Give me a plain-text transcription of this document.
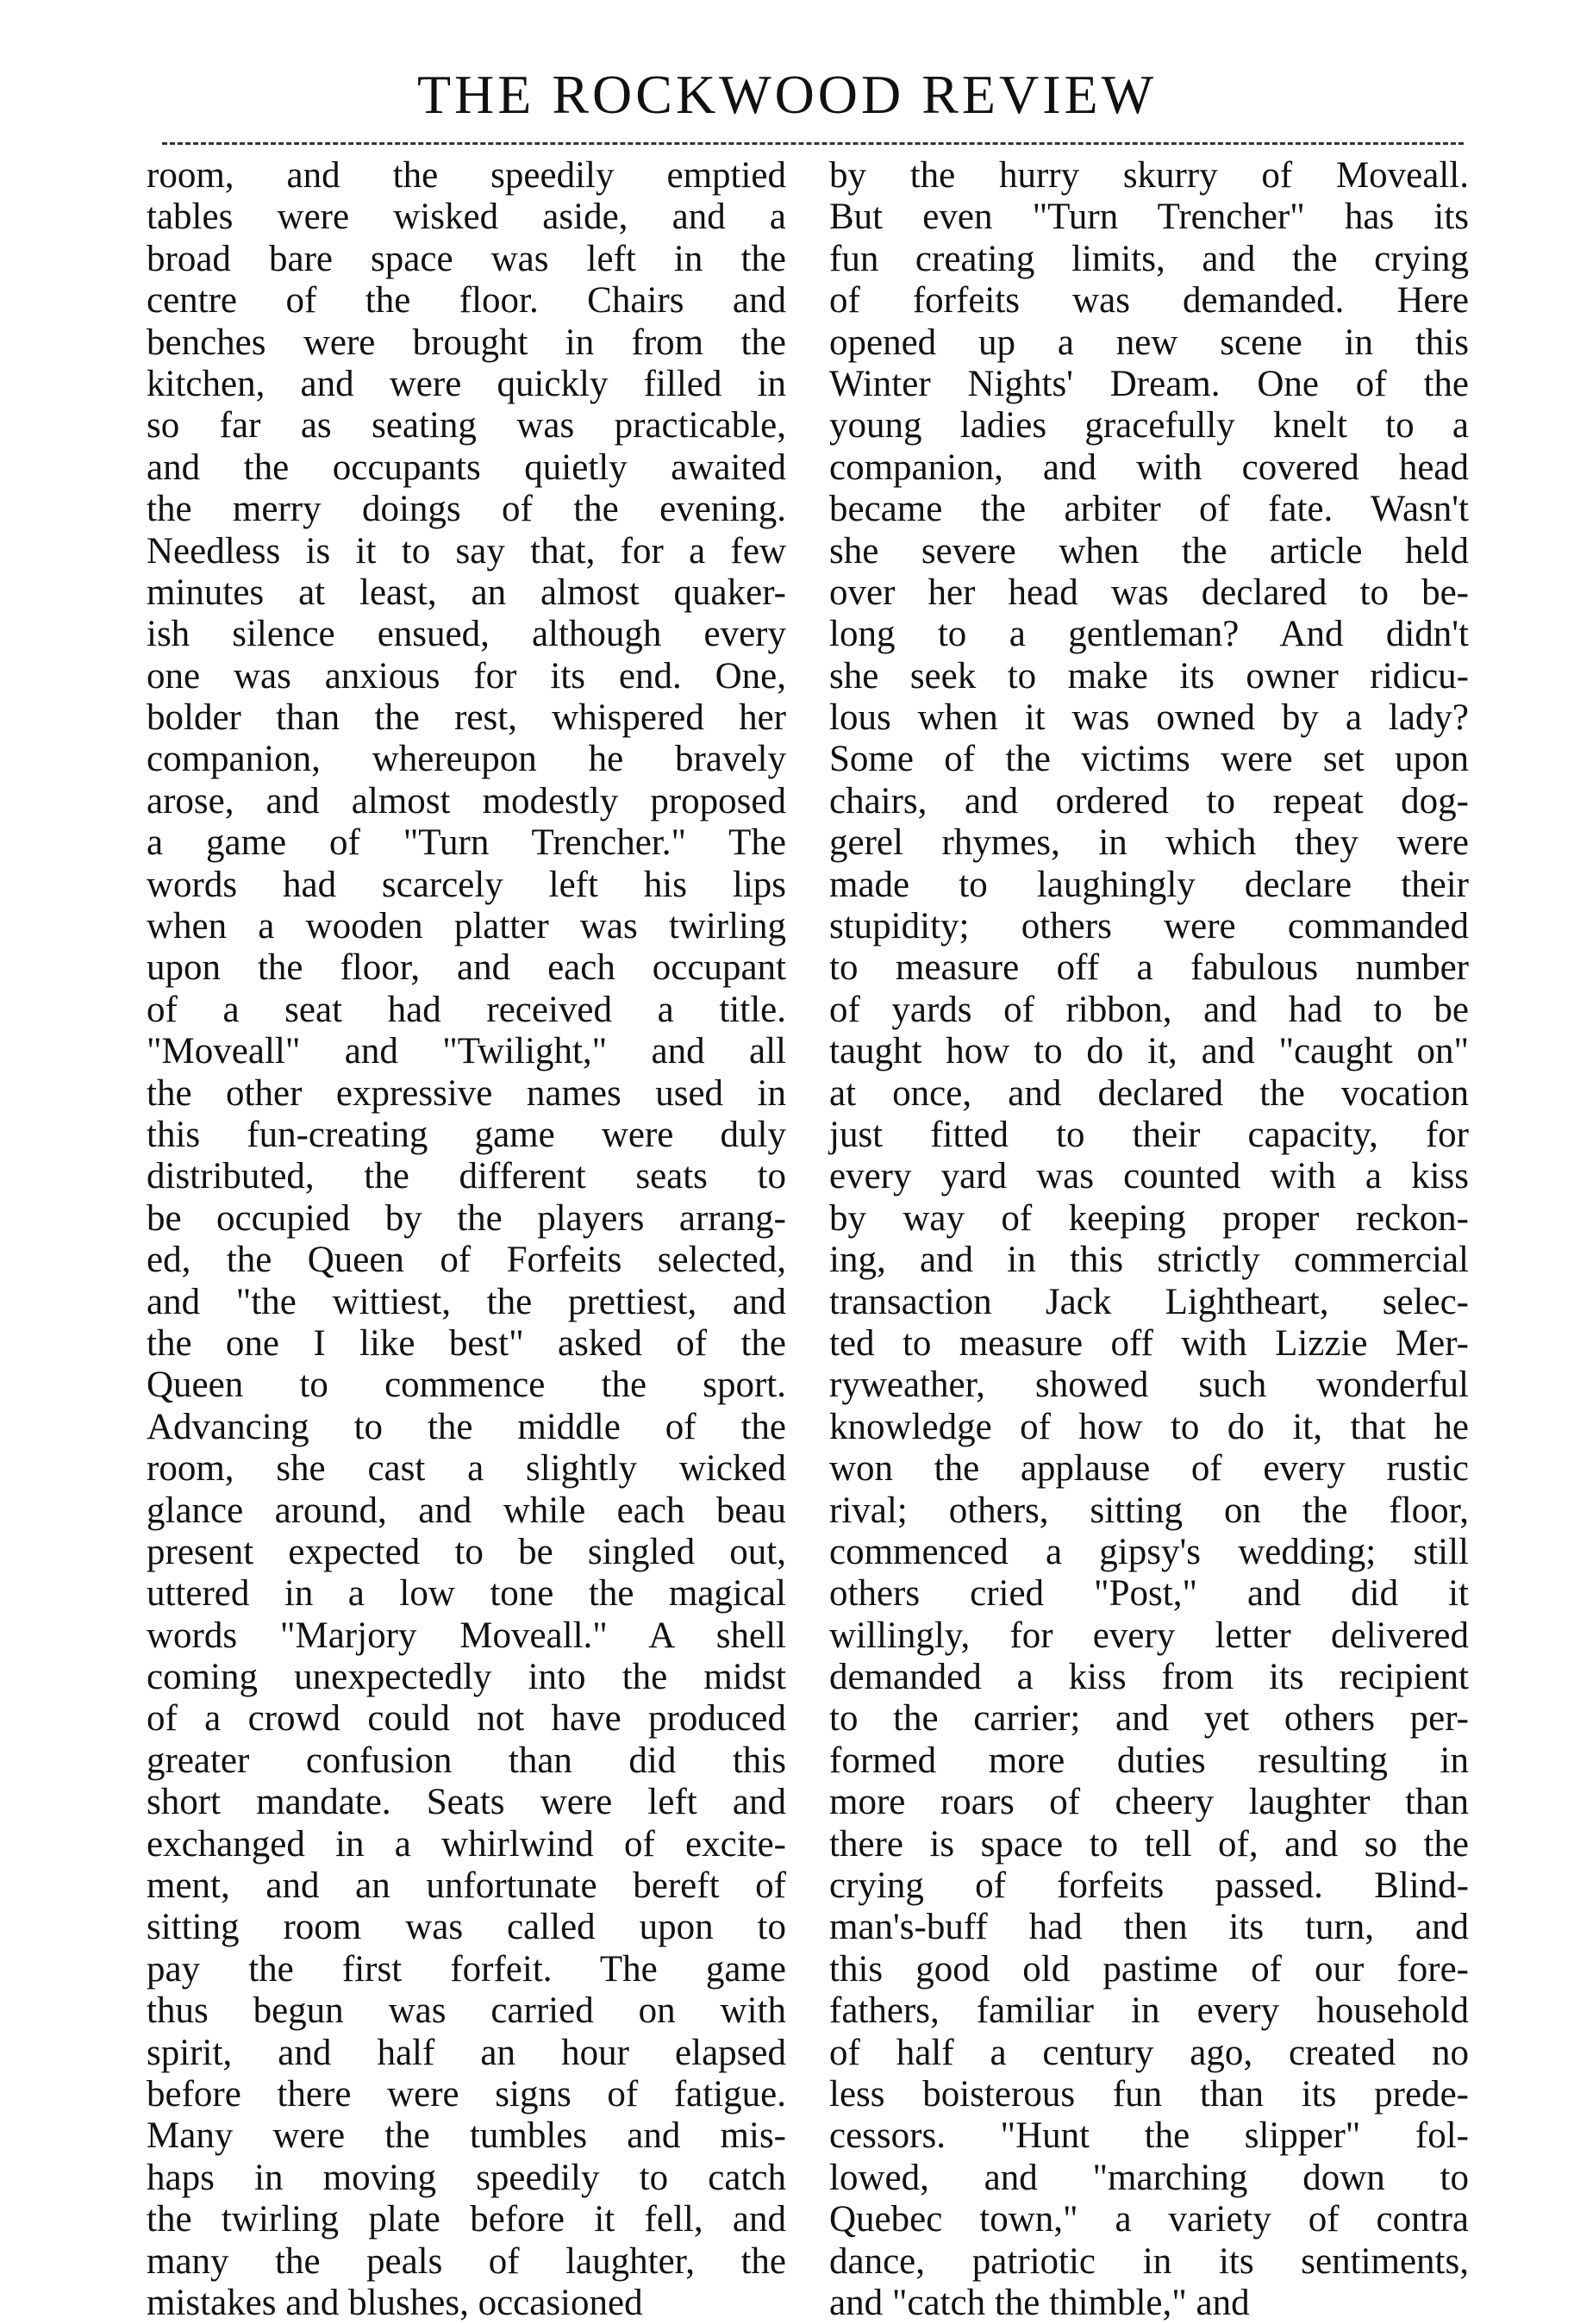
THE ROCKWOOD REVIEW
room, and the speedily emptied
tables were wisked aside, and a
broad bare space was left in the
centre of the floor. Chairs and
benches were brought in from the
kitchen, and were quickly filled in
so far as seating was practicable,
and the occupants quietly awaited
the merry doings of the evening.
Needless is it to say that, for a few
minutes at least, an almost quaker-
ish silence ensued, although every
one was anxious for its end. One,
bolder than the rest, whispered her
companion, whereupon he bravely
arose, and almost modestly proposed
a game of "Turn Trencher." The
words had scarcely left his lips
when a wooden platter was twirling
upon the floor, and each occupant
of a seat had received a title.
"Moveall" and "Twilight," and all
the other expressive names used in
this fun-creating game were duly
distributed, the different seats to
be occupied by the players arrang-
ed, the Queen of Forfeits selected,
and "the wittiest, the prettiest, and
the one I like best" asked of the
Queen to commence the sport.
Advancing to the middle of the
room, she cast a slightly wicked
glance around, and while each beau
present expected to be singled out,
uttered in a low tone the magical
words "Marjory Moveall." A shell
coming unexpectedly into the midst
of a crowd could not have produced
greater confusion than did this
short mandate. Seats were left and
exchanged in a whirlwind of excite-
ment, and an unfortunate bereft of
sitting room was called upon to
pay the first forfeit. The game
thus begun was carried on with
spirit, and half an hour elapsed
before there were signs of fatigue.
Many were the tumbles and mis-
haps in moving speedily to catch
the twirling plate before it fell, and
many the peals of laughter, the
mistakes and blushes, occasioned
by the hurry skurry of Moveall.
But even "Turn Trencher" has its
fun creating limits, and the crying
of forfeits was demanded. Here
opened up a new scene in this
Winter Nights' Dream. One of the
young ladies gracefully knelt to a
companion, and with covered head
became the arbiter of fate. Wasn't
she severe when the article held
over her head was declared to be-
long to a gentleman? And didn't
she seek to make its owner ridicu-
lous when it was owned by a lady?
Some of the victims were set upon
chairs, and ordered to repeat dog-
gerel rhymes, in which they were
made to laughingly declare their
stupidity; others were commanded
to measure off a fabulous number
of yards of ribbon, and had to be
taught how to do it, and "caught on"
at once, and declared the vocation
just fitted to their capacity, for
every yard was counted with a kiss
by way of keeping proper reckon-
ing, and in this strictly commercial
transaction Jack Lightheart, selec-
ted to measure off with Lizzie Mer-
ryweather, showed such wonderful
knowledge of how to do it, that he
won the applause of every rustic
rival; others, sitting on the floor,
commenced a gipsy's wedding; still
others cried "Post," and did it
willingly, for every letter delivered
demanded a kiss from its recipient
to the carrier; and yet others per-
formed more duties resulting in
more roars of cheery laughter than
there is space to tell of, and so the
crying of forfeits passed. Blind-
man's-buff had then its turn, and
this good old pastime of our fore-
fathers, familiar in every household
of half a century ago, created no
less boisterous fun than its prede-
cessors. "Hunt the slipper" fol-
lowed, and "marching down to
Quebec town," a variety of contra
dance, patriotic in its sentiments,
and "catch the thimble," and
